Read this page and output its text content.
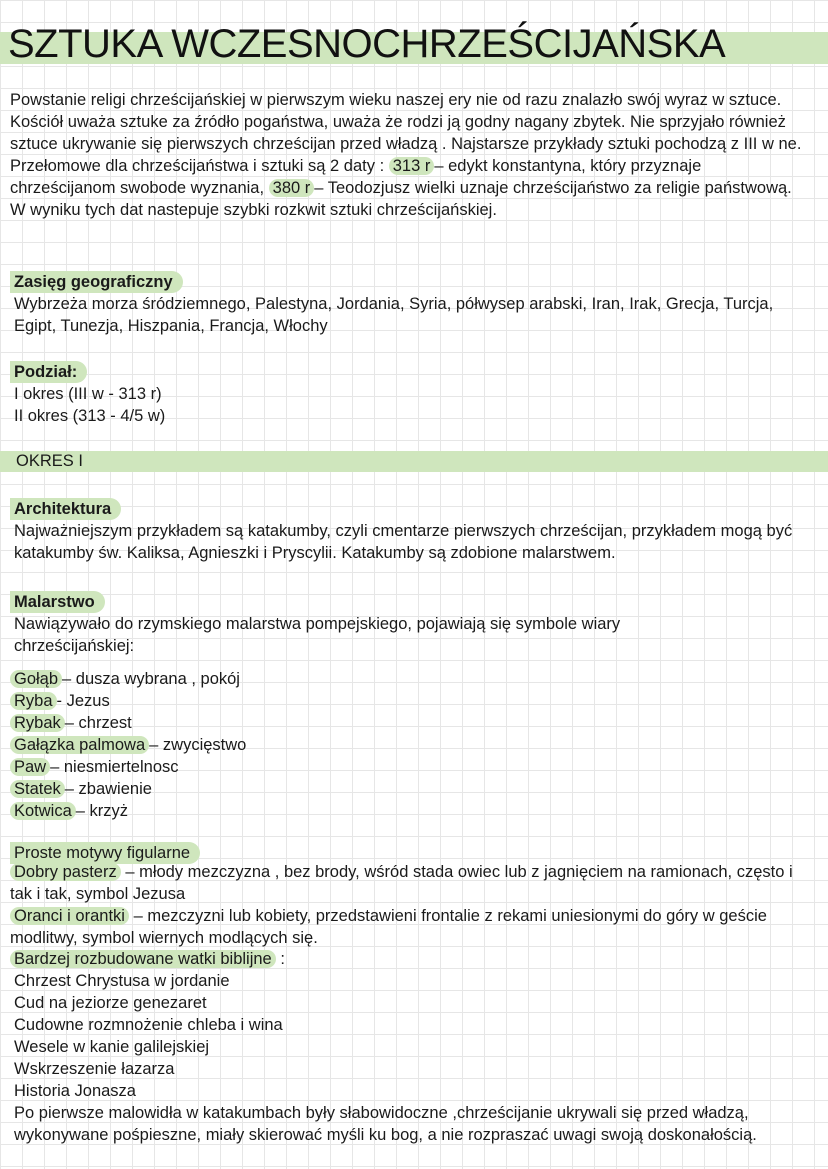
SZTUKA WCZESNOCHRZEŚCIJAŃSKA

Powstanie religi chrześcijańskiej w pierwszym wieku naszej ery nie od razu znalazło swój wyraz w sztuce. Kościół uważa sztuke za źródło pogaństwa, uważa że rodzi ją godny nagany zbytek. Nie sprzyjało również sztuce ukrywanie się pierwszych chrześcijan przed władzą . Najstarsze przykłady sztuki pochodzą z III w ne. Przełomowe dla chrześcijaństwa i sztuki są 2 daty : 313 r – edykt konstantyna, który przyznaje chrześcijanom swobode wyznania, 380 r – Teodozjusz wielki uznaje chrześcijaństwo za religie państwową. W wyniku tych dat nastepuje szybki rozkwit sztuki chrześcijańskiej.

Zasięg geograficzny

Wybrzeża morza śródziemnego, Palestyna, Jordania, Syria, półwysep arabski, Iran, Irak, Grecja, Turcja, Egipt, Tunezja, Hiszpania, Francja, Włochy

Podział:
I okres (III w - 313 r)
II okres (313 - 4/5 w)
OKRES I
Architektura

Najważniejszym przykładem są katakumby, czyli cmentarze pierwszych chrześcijan, przykładem mogą być katakumby św. Kaliksa, Agnieszki i Pryscylii. Katakumby są zdobione malarstwem.

Malarstwo

Nawiązywało do rzymskiego malarstwa pompejskiego, pojawiają się symbole wiary chrześcijańskiej:

Gołąb – dusza wybrana , pokój
Ryba - Jezus
Rybak – chrzest
Gałązka palmowa – zwycięstwo
Paw – niesmiertelnosc
Statek – zbawienie
Kotwica – krzyż
Proste motywy figularne

Dobry pasterz – młody mezczyzna , bez brody, wśród stada owiec lub z jagnięciem na ramionach, często i tak i tak, symbol Jezusa

Oranci i orantki – mezczyzni lub kobiety, przedstawieni frontalie z rekami uniesionymi do góry w geście modlitwy, symbol wiernych modlących się.

Bardzej rozbudowane watki biblijne :
Chrzest Chrystusa w jordanie
Cud na jeziorze genezaret
Cudowne rozmnożenie chleba i wina
Wesele w kanie galilejskiej
Wskrzeszenie łazarza
Historia Jonasza

Po pierwsze malowidła w katakumbach były słabowidoczne ,chrześcijanie ukrywali się przed władzą, wykonywane pośpieszne, miały skierować myśli ku bog, a nie rozpraszać uwagi swoją doskonałością.
